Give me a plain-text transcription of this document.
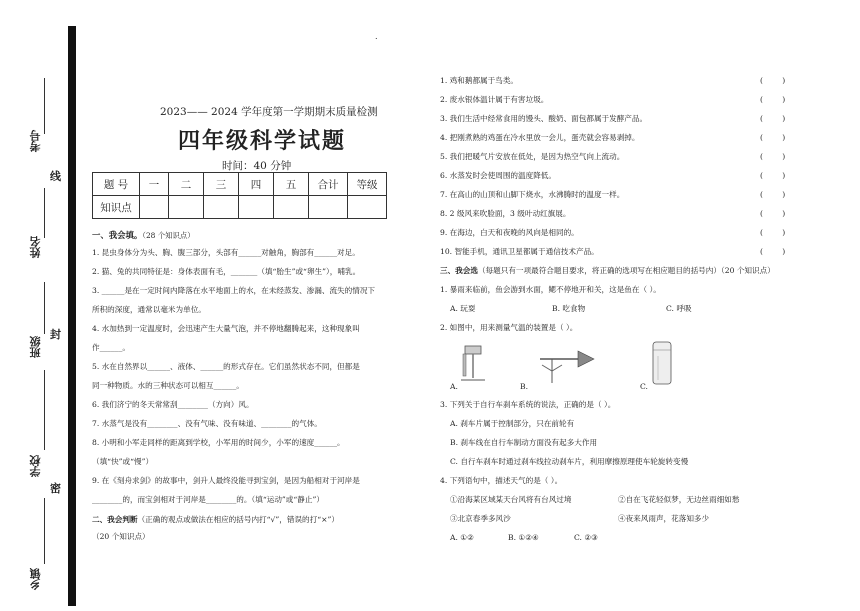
.
考号
姓名
班级
学校
乡镇
线
封
密
2023—— 2024 学年度第一学期期末质量检测
四年级科学试题
时间：40 分钟
题 号	一	二	三	四	五	合计	等级
知识点							
一、我会填。（28 个知识点）
1. 昆虫身体分为头、胸、腹三部分，头部有______对触角，胸部有______对足。
2. 猫、兔的共同特征是：身体表面有毛，_______（填“胎生”或“卵生”），哺乳。
3. ______是在一定时间内降落在水平地面上的水，在未经蒸发、渗漏、流失的情况下
所积的深度，通常以毫米为单位。
4. 水加热到一定温度时，会迅速产生大量气泡，并不停地翻腾起来，这种现象叫
作______。
5. 水在自然界以______、液体、______的形式存在。它们虽然状态不同，但都是
同一种物质。水的三种状态可以相互______。
6. 我们济宁的冬天常常刮________（方向）风。
7. 水蒸气是没有________、没有气味、没有味道、________的气体。
8. 小明和小军走同样的距离到学校，小军用的时间少，小军的速度______。
（填“快”或“慢”）
9. 在《刻舟求剑》的故事中，剑升人最终没能寻到宝剑，是因为船相对于河岸是
________的，而宝剑相对于河岸是________的。（填“运动”或“静止”）
二、我会判断（正确的观点或做法在相应的括号内打“√”，错误的打“×”）
（20 个知识点）
1. 鸡和鹅都属于鸟类。	(        )
2. 废水银体温计属于有害垃圾。	(        )
3. 我们生活中经常食用的馒头、酸奶、面包都属于发酵产品。	(        )
4. 把刚煮熟的鸡蛋在冷水里放一会儿，蛋壳就会容易剥掉。	(        )
5. 我们把暖气片安放在低处，是因为热空气向上流动。	(        )
6. 水蒸发时会使周围的温度降低。	(        )
7. 在高山的山顶和山脚下烧水，水沸腾时的温度一样。	(        )
8. 2 级风来吹脸面，3 级叶动红旗展。	(        )
9. 在海边，白天和夜晚的风向是相同的。	(        )
10. 智能手机，通讯卫星都属于通信技术产品。	(        )
三、我会选（每题只有一项最符合题目要求，将正确的选项写在相应题目的括号内）（20 个知识点）
1. 暴雨来临前，鱼会游到水面，鳃不停地开和关，这是鱼在（ ）。
A. 玩耍	B. 吃食物	C. 呼吸
2. 如图中，用来测量气温的装置是（ ）。
A.	B.	C.
3. 下列关于自行车刹车系统的说法，正确的是（ ）。
A. 刹车片属于控制部分，只在前轮有
B. 刹车线在自行车制动方面没有起多大作用
C. 自行车刹车时通过刹车线拉动刹车片，利用摩擦原理使车轮旋转变慢
4. 下列语句中，描述天气的是（ ）。
①沿海某区域某天台风将有台风过境	②自在飞花轻似梦，无边丝雨细如愁
③北京春季多风沙	④夜来风雨声，花落知多少
A. ①②	B. ①②④	C. ②③
